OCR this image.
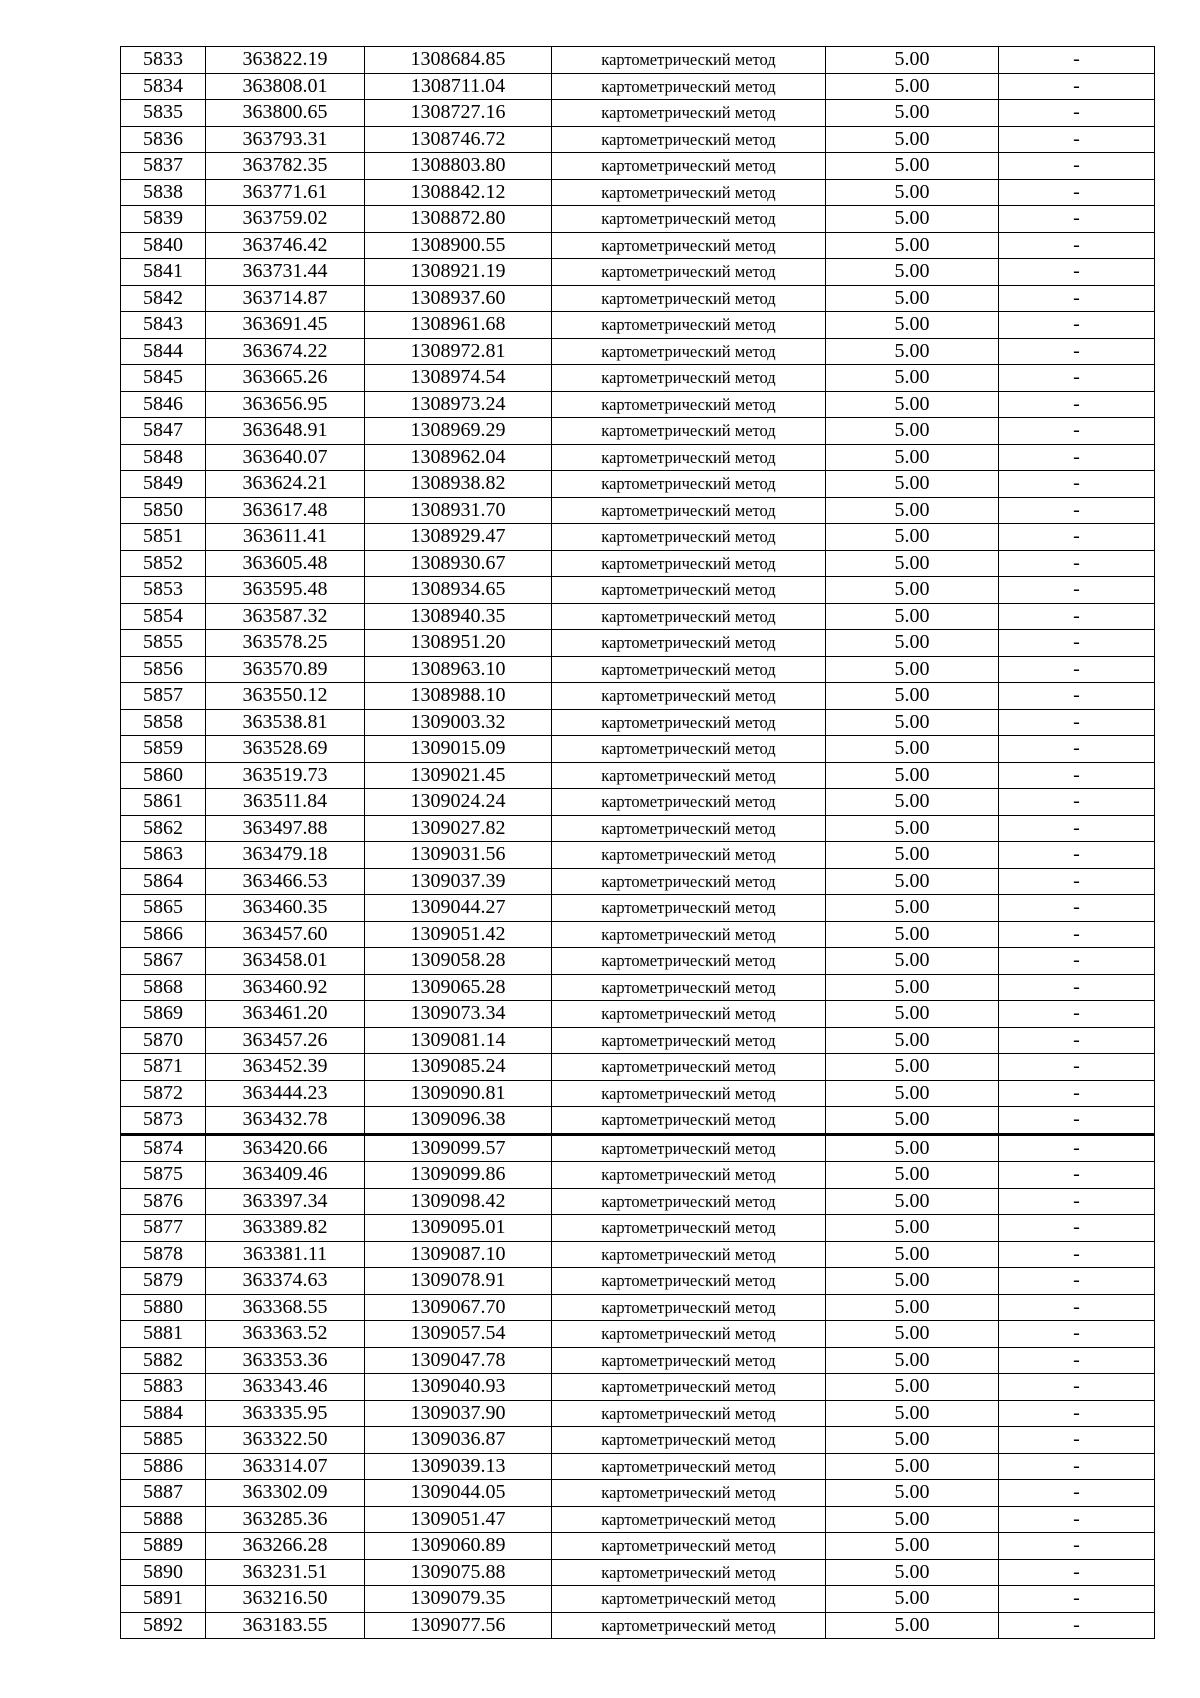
5833	363822.19	1308684.85	картометрический метод	5.00	-
5834	363808.01	1308711.04	картометрический метод	5.00	-
5835	363800.65	1308727.16	картометрический метод	5.00	-
5836	363793.31	1308746.72	картометрический метод	5.00	-
5837	363782.35	1308803.80	картометрический метод	5.00	-
5838	363771.61	1308842.12	картометрический метод	5.00	-
5839	363759.02	1308872.80	картометрический метод	5.00	-
5840	363746.42	1308900.55	картометрический метод	5.00	-
5841	363731.44	1308921.19	картометрический метод	5.00	-
5842	363714.87	1308937.60	картометрический метод	5.00	-
5843	363691.45	1308961.68	картометрический метод	5.00	-
5844	363674.22	1308972.81	картометрический метод	5.00	-
5845	363665.26	1308974.54	картометрический метод	5.00	-
5846	363656.95	1308973.24	картометрический метод	5.00	-
5847	363648.91	1308969.29	картометрический метод	5.00	-
5848	363640.07	1308962.04	картометрический метод	5.00	-
5849	363624.21	1308938.82	картометрический метод	5.00	-
5850	363617.48	1308931.70	картометрический метод	5.00	-
5851	363611.41	1308929.47	картометрический метод	5.00	-
5852	363605.48	1308930.67	картометрический метод	5.00	-
5853	363595.48	1308934.65	картометрический метод	5.00	-
5854	363587.32	1308940.35	картометрический метод	5.00	-
5855	363578.25	1308951.20	картометрический метод	5.00	-
5856	363570.89	1308963.10	картометрический метод	5.00	-
5857	363550.12	1308988.10	картометрический метод	5.00	-
5858	363538.81	1309003.32	картометрический метод	5.00	-
5859	363528.69	1309015.09	картометрический метод	5.00	-
5860	363519.73	1309021.45	картометрический метод	5.00	-
5861	363511.84	1309024.24	картометрический метод	5.00	-
5862	363497.88	1309027.82	картометрический метод	5.00	-
5863	363479.18	1309031.56	картометрический метод	5.00	-
5864	363466.53	1309037.39	картометрический метод	5.00	-
5865	363460.35	1309044.27	картометрический метод	5.00	-
5866	363457.60	1309051.42	картометрический метод	5.00	-
5867	363458.01	1309058.28	картометрический метод	5.00	-
5868	363460.92	1309065.28	картометрический метод	5.00	-
5869	363461.20	1309073.34	картометрический метод	5.00	-
5870	363457.26	1309081.14	картометрический метод	5.00	-
5871	363452.39	1309085.24	картометрический метод	5.00	-
5872	363444.23	1309090.81	картометрический метод	5.00	-
5873	363432.78	1309096.38	картометрический метод	5.00	-
5874	363420.66	1309099.57	картометрический метод	5.00	-
5875	363409.46	1309099.86	картометрический метод	5.00	-
5876	363397.34	1309098.42	картометрический метод	5.00	-
5877	363389.82	1309095.01	картометрический метод	5.00	-
5878	363381.11	1309087.10	картометрический метод	5.00	-
5879	363374.63	1309078.91	картометрический метод	5.00	-
5880	363368.55	1309067.70	картометрический метод	5.00	-
5881	363363.52	1309057.54	картометрический метод	5.00	-
5882	363353.36	1309047.78	картометрический метод	5.00	-
5883	363343.46	1309040.93	картометрический метод	5.00	-
5884	363335.95	1309037.90	картометрический метод	5.00	-
5885	363322.50	1309036.87	картометрический метод	5.00	-
5886	363314.07	1309039.13	картометрический метод	5.00	-
5887	363302.09	1309044.05	картометрический метод	5.00	-
5888	363285.36	1309051.47	картометрический метод	5.00	-
5889	363266.28	1309060.89	картометрический метод	5.00	-
5890	363231.51	1309075.88	картометрический метод	5.00	-
5891	363216.50	1309079.35	картометрический метод	5.00	-
5892	363183.55	1309077.56	картометрический метод	5.00	-
